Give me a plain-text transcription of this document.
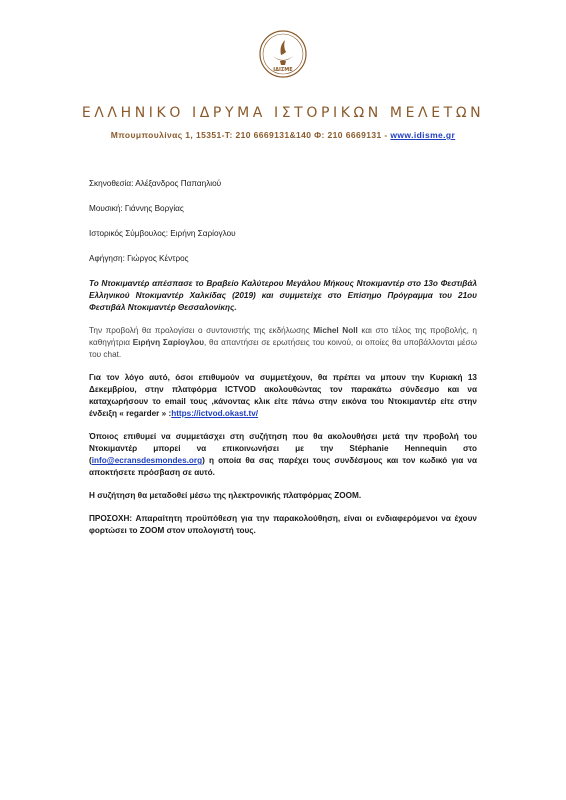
ΙΔΙΣΜΕ
ΕΛΛΗΝΙΚΟ ΙΔΡΥΜΑ ΙΣΤΟΡΙΚΩΝ ΜΕΛΕΤΩΝ
Μπουμπουλίνας 1, 15351-Τ: 210 6669131&140 Φ: 210 6669131 - www.idisme.gr
Σκηνοθεσία: Αλέξανδρος Παπαηλιού
Μουσική: Γιάννης Βοργίας
Ιστορικός Σύμβουλος: Ειρήνη Σαρίογλου
Αφήγηση: Γιώργος Κέντρος

Το Ντοκιμαντέρ απέσπασε το Βραβείο Καλύτερου Μεγάλου Μήκους Ντοκιμαντέρ στο 13ο Φεστιβάλ Ελληνικού Ντοκιμαντέρ Χαλκίδας (2019) και συμμετείχε στο Επίσημο Πρόγραμμα του 21ου Φεστιβάλ Ντοκιμαντέρ Θεσσαλονίκης.

Την προβολή θα προλογίσει ο συντονιστής της εκδήλωσης Michel Noll και στο τέλος της προβολής, η καθηγήτρια Ειρήνη Σαρίογλου, θα απαντήσει σε ερωτήσεις του κοινού, οι οποίες θα υποβάλλονται μέσω του chat.

Για τον λόγο αυτό, όσοι επιθυμούν να συμμετέχουν, θα πρέπει να μπουν την Κυριακή 13 Δεκεμβρίου, στην πλατφόρμα ICTVOD ακολουθώντας τον παρακάτω σύνδεσμο και να καταχωρήσουν το email τους ,κάνοντας κλικ είτε πάνω στην εικόνα του Ντοκιμαντέρ είτε στην ένδειξη « regarder » :https://ictvod.okast.tv/

Όποιος επιθυμεί να συμμετάσχει στη συζήτηση που θα ακολουθήσει μετά την προβολή του Ντοκιμαντέρ μπορεί να επικοινωνήσει με την Stéphanie Hennequin στο (info@ecransdesmondes.org) η οποία θα σας παρέχει τους συνδέσμους και τον κωδικό για να αποκτήσετε πρόσβαση σε αυτό.

Η συζήτηση θα μεταδοθεί μέσω της ηλεκτρονικής πλατφόρμας ZOOM.

ΠΡΟΣΟΧΗ: Απαραίτητη προϋπόθεση για την παρακολούθηση, είναι οι ενδιαφερόμενοι να έχουν φορτώσει το ZOOM στον υπολογιστή τους.
